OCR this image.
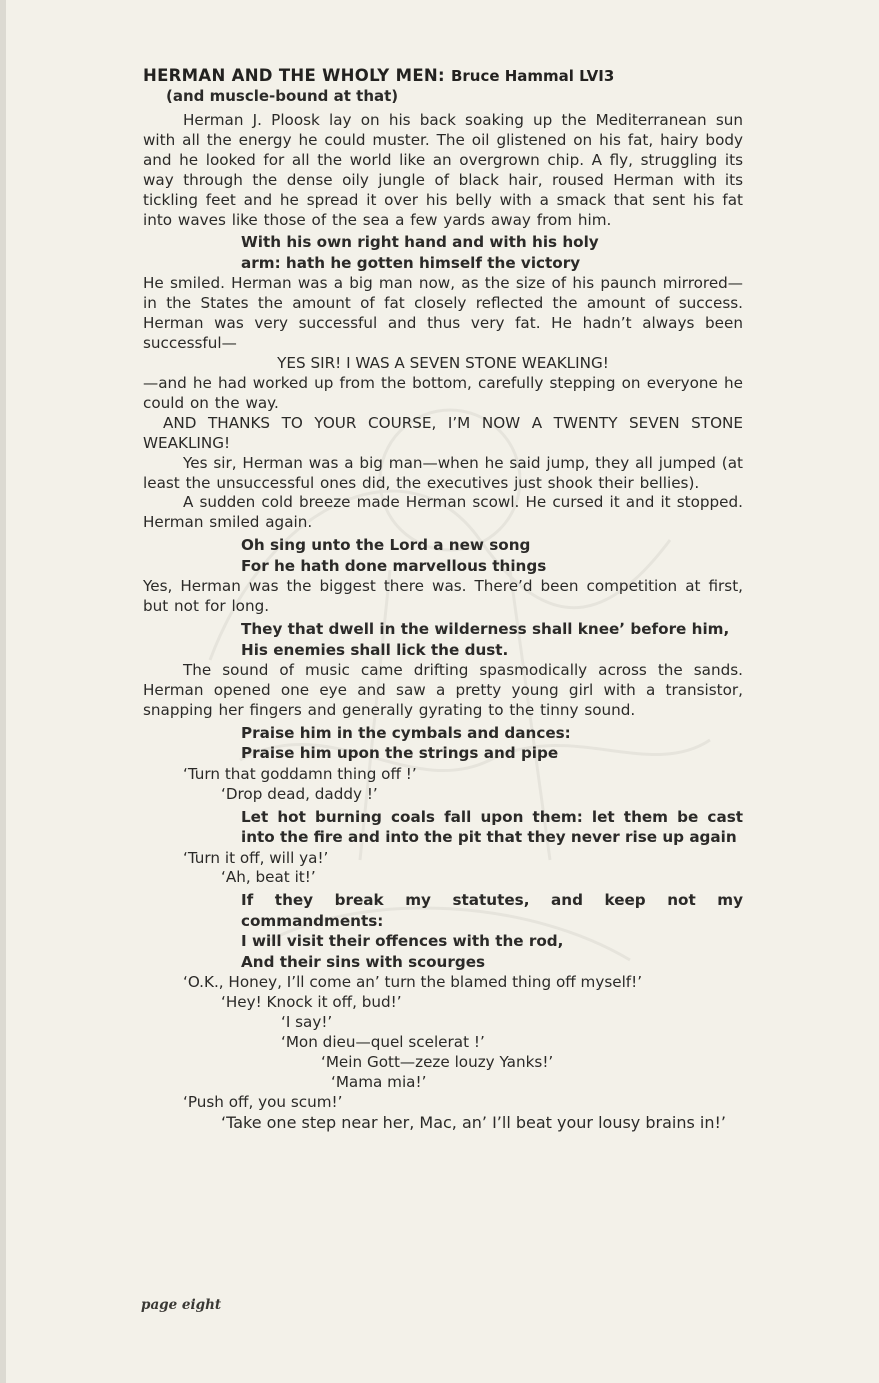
HERMAN AND THE WHOLY MEN: Bruce Hammal LVI3
(and muscle-bound at that)

Herman J. Ploosk lay on his back soaking up the Mediterranean sun with all the energy he could muster. The oil glistened on his fat, hairy body and he looked for all the world like an overgrown chip. A fly, struggling its way through the dense oily jungle of black hair, roused Herman with its tickling feet and he spread it over his belly with a smack that sent his fat into waves like those of the sea a few yards away from him.

With his own right hand and with his holy
arm: hath he gotten himself the victory

He smiled. Herman was a big man now, as the size of his paunch mirrored—in the States the amount of fat closely reflected the amount of success. Herman was very successful and thus very fat. He hadn’t always been successful—

YES SIR! I WAS A SEVEN STONE WEAKLING!

—and he had worked up from the bottom, carefully stepping on everyone he could on the way.

AND THANKS TO YOUR COURSE, I’M NOW A TWENTY SEVEN STONE WEAKLING!

Yes sir, Herman was a big man—when he said jump, they all jumped (at least the unsuccessful ones did, the executives just shook their bellies).

A sudden cold breeze made Herman scowl. He cursed it and it stopped. Herman smiled again.

Oh sing unto the Lord a new song
For he hath done marvellous things

Yes, Herman was the biggest there was. There’d been competition at first, but not for long.

They that dwell in the wilderness shall kneeʼ before him,
His enemies shall lick the dust.

The sound of music came drifting spasmodically across the sands. Herman opened one eye and saw a pretty young girl with a transistor, snapping her fingers and generally gyrating to the tinny sound.

Praise him in the cymbals and dances:
Praise him upon the strings and pipe
‘Turn that goddamn thing off !’
‘Drop dead, daddy !’
Let hot burning coals fall upon them: let them be cast into the fire and into the pit that they never rise up again
‘Turn it off, will ya!’
‘Ah, beat it!’
If they break my statutes, and keep not my commandments:
I will visit their offences with the rod,
And their sins with scourges
‘O.K., Honey, I’ll come an’ turn the blamed thing off myself!’
‘Hey! Knock it off, bud!’
‘I say!’
‘Mon dieu—quel scelerat !’
‘Mein Gott—zeze louzy Yanks!’
‘Mama mia!’
‘Push off, you scum!’
‘Take one step near her, Mac, an’ I’ll beat your lousy brains in!’
page eight
